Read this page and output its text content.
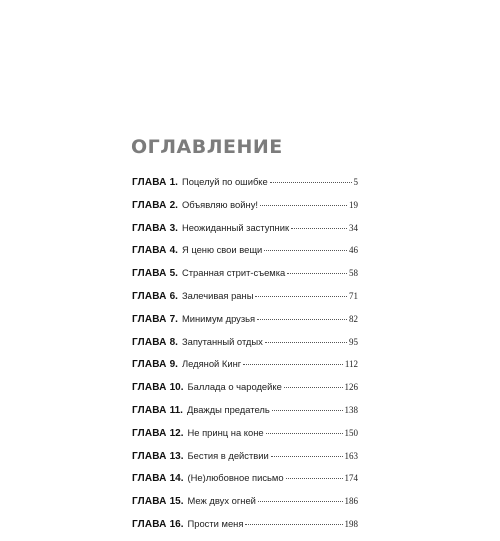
ОГЛАВЛЕНИЕ
ГЛАВА 1. Поцелуй по ошибке	5
ГЛАВА 2. Объявляю войну!	19
ГЛАВА 3. Неожиданный заступник	34
ГЛАВА 4. Я ценю свои вещи	46
ГЛАВА 5. Странная стрит-съемка	58
ГЛАВА 6. Залечивая раны	71
ГЛАВА 7. Минимум друзья	82
ГЛАВА 8. Запутанный отдых	95
ГЛАВА 9. Ледяной Кинг	112
ГЛАВА 10. Баллада о чародейке	126
ГЛАВА 11. Дважды предатель	138
ГЛАВА 12. Не принц на коне	150
ГЛАВА 13. Бестия в действии	163
ГЛАВА 14. (Не)любовное письмо	174
ГЛАВА 15. Меж двух огней	186
ГЛАВА 16. Прости меня	198
